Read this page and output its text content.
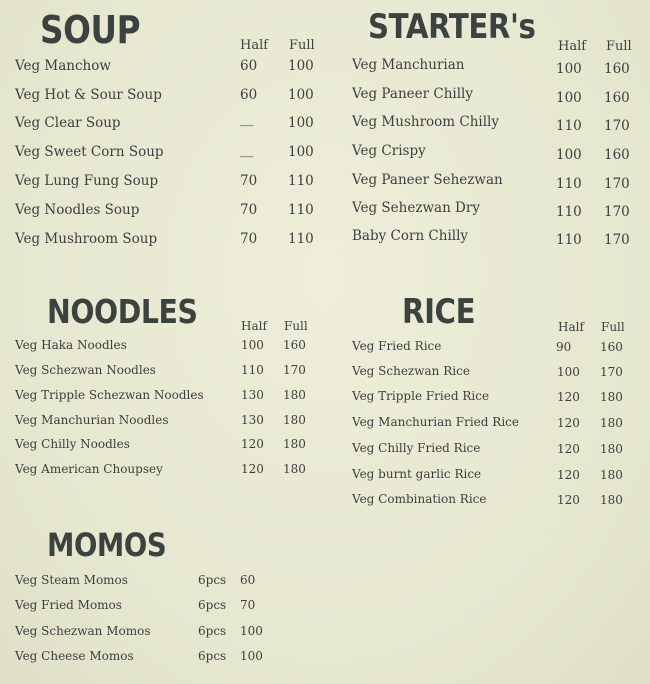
SOUP	Half Full
Veg Manchow	60 100
Veg Hot & Sour Soup	60 100
Veg Clear Soup	__	100
Veg Sweet Corn Soup	__	100
Veg Lung Fung Soup	70 110
Veg Noodles Soup	70 110
Veg Mushroom Soup	70 110
STARTER's Half Full
Veg Manchurian	100 160
Veg Paneer Chilly	100 160
Veg Mushroom Chilly	110 170
Veg Crispy	100 160
Veg Paneer Sehezwan	110 170
Veg Sehezwan Dry	110 170
Baby Corn Chilly	110 170
NOODLES	Half Full
Veg Haka Noodles	100 160
Veg Schezwan Noodles	110 170
Veg Tripple Schezwan Noodles	130 180
Veg Manchurian Noodles	130 180
Veg Chilly Noodles	120 180
Veg American Choupsey	120 180
RICE	Half Full
Veg Fried Rice	90 160
Veg Schezwan Rice	100 170
Veg Tripple Fried Rice	120 180
Veg Manchurian Fried Rice	120 180
Veg Chilly Fried Rice	120 180
Veg burnt garlic Rice	120 180
Veg Combination Rice	120 180
MOMOS
Veg Steam Momos	6pcs 60
Veg Fried Momos	6pcs 70
Veg Schezwan Momos	6pcs 100
Veg Cheese Momos	6pcs 100
